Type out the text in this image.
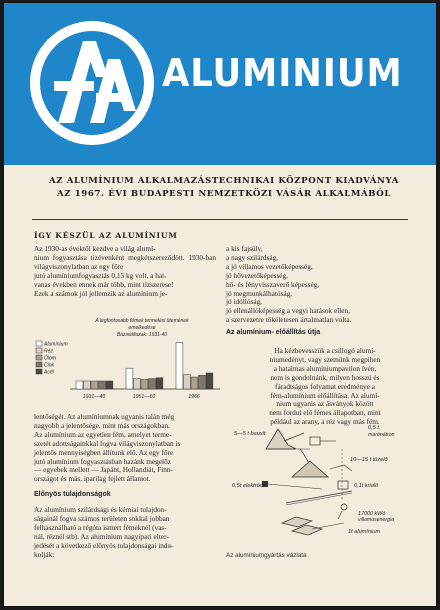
ALUMINIUM
AZ ALUMÍNIUM ALKALMAZÁSTECHNIKAI KÖZPONT KIADVÁNYA
AZ 1967. ÉVI BUDAPESTI NEMZETKÖZI VÁSÁR ALKALMÁBÓL
ÍGY KÉSZÜL AZ ALUMÍNIUM
Az 1930-as évektől kezdve a világ alumí-
nium fogyasztása tízévenként megkétszereződött. 1930-ban világviszonylatban az egy főre
jutó alumíniumfogyasztás 0,15 kg volt, a hat-
vanas években ennek már több, mint tízszerese!
Ezek a számok jól jellemzik az alumínium je-
a kis fajsúly,
a nagy szilárdság,
a jó villamos vezetőképesség,
jó hővezetőképesség,
hő- és fényvisszaverő képesség,
jó megmunkálhatóság,
jó idóllóság,
jó ellenállóképesség a vegyi hatások ellen,
a szervezetre tökéletesen ártalmatlan volta.
Az alumínium- előállítás útja
Ha kézbevesszük a csillogó alumí-
niumedényt, vagy szemünk megpihen
a hatalmas alumíniumpavilon ívén,
nem is gondolnánk, milyen hosszú és
fáradtságos folyamat eredménye a
fém-alumínium előállítása. Az alumí-
nium ugyanis az ásványok között
nem fordul elő fémes állapotban, mint
például az arany, a réz vagy más fém.
A legfontosabb fémek termelési ütemének
emelkedése
Bázisidőszak: 1931-40
Alumínium
Réz
Ólom
Cink
Acél
1931—40	1951—60	1966
lentőségét. Az alumíniumnak ugyanis talán még
nagyobb a jelentősége, mint más országokban.
Az alumínium az egyetlen fém, amelyet terme-
szetét adottságainkkal fogva világviszonylatban is
jelentős mennyiségben állítunk elő. Az egy főre
jutó alumínium fogyasztásban hazánk megelőz
— egyebek mellett — Japánt, Hollandiát, Finn-
országot és más, iparilag fejlett államot.
Előnyös tulajdonságok
Az alumínium szilárdsági és kémiai tulajdon-
ságainál fogva számos területen sokkal jobban
felhasználható a régóta ismert fémeknél (vas-
nál, réznél stb). Az alumínium nagyipari elter-
jedését a következő előnyös tulajdonságai indo-
kolják:
5—5 t bauxit
0,5 t
marónátron
10—15 t tüzelő
0,5t elektród	0,1t kriolit
17000 kWó
villamosenergia
1t alumínium
Az alumíniumgyártás vázlata
